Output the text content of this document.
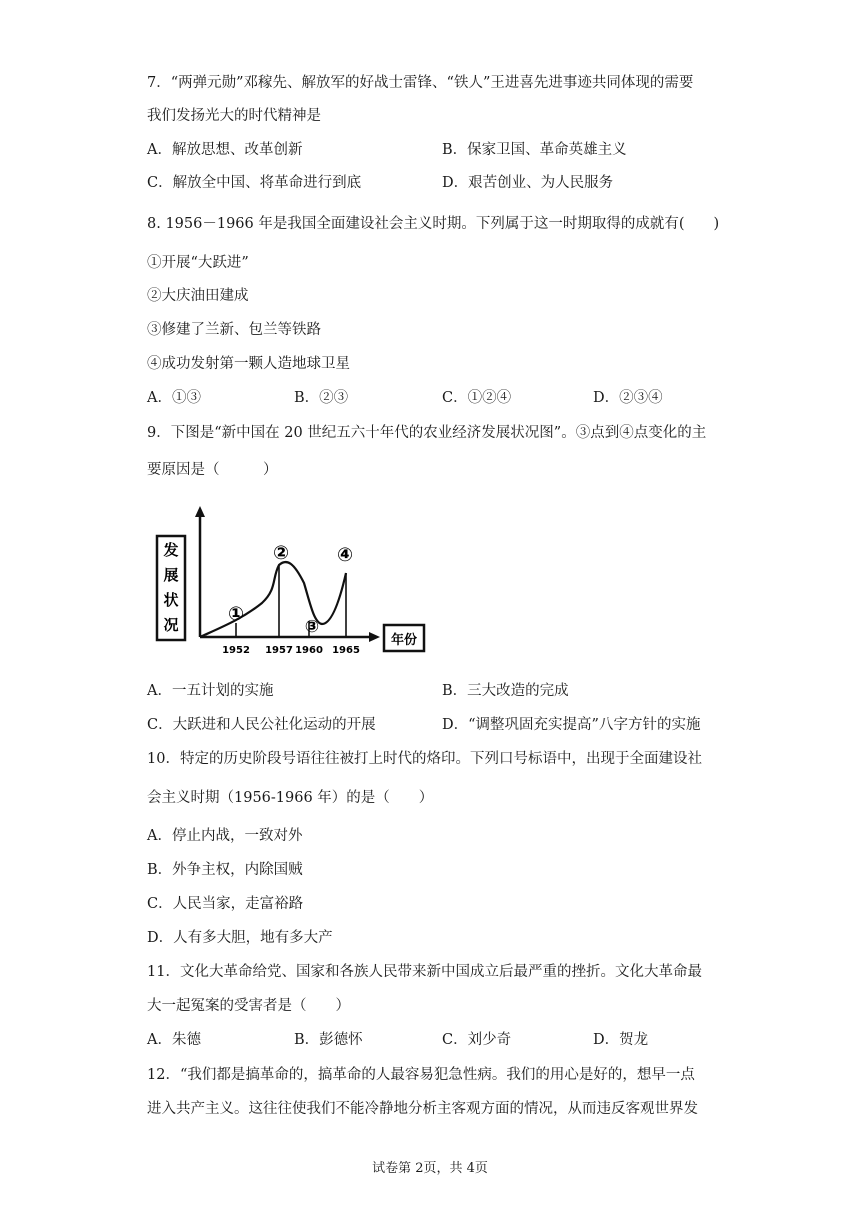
7．“两弹元勋”邓稼先、解放军的好战士雷锋、“铁人”王进喜先进事迹共同体现的需要
我们发扬光大的时代精神是
A．解放思想、改革创新	B．保家卫国、革命英雄主义
C．解放全中国、将革命进行到底	D．艰苦创业、为人民服务
8. 1956－1966 年是我国全面建设社会主义时期。下列属于这一时期取得的成就有(　　)
①开展“大跃进”
②大庆油田建成
③修建了兰新、包兰等铁路
④成功发射第一颗人造地球卫星
A．①③	B．②③	C．①②④	D．②③④
9．下图是“新中国在 20 世纪五六十年代的农业经济发展状况图”。③点到④点变化的主
要原因是（　　　）
发
展
状
况
年份
①
②
③
④
1952 1957 1960 1965
A．一五计划的实施	B．三大改造的完成
C．大跃进和人民公社化运动的开展	D．“调整巩固充实提高”八字方针的实施
10．特定的历史阶段号语往往被打上时代的烙印。下列口号标语中，出现于全面建设社
会主义时期（1956-1966 年）的是（　　）
A．停止内战，一致对外
B．外争主权，内除国贼
C．人民当家，走富裕路
D．人有多大胆，地有多大产
11．文化大革命给党、国家和各族人民带来新中国成立后最严重的挫折。文化大革命最
大一起冤案的受害者是（　　）
A．朱德	B．彭德怀	C．刘少奇	D．贺龙
12．“我们都是搞革命的，搞革命的人最容易犯急性病。我们的用心是好的，想早一点
进入共产主义。这往往使我们不能冷静地分析主客观方面的情况，从而违反客观世界发
试卷第 2页，共 4页
